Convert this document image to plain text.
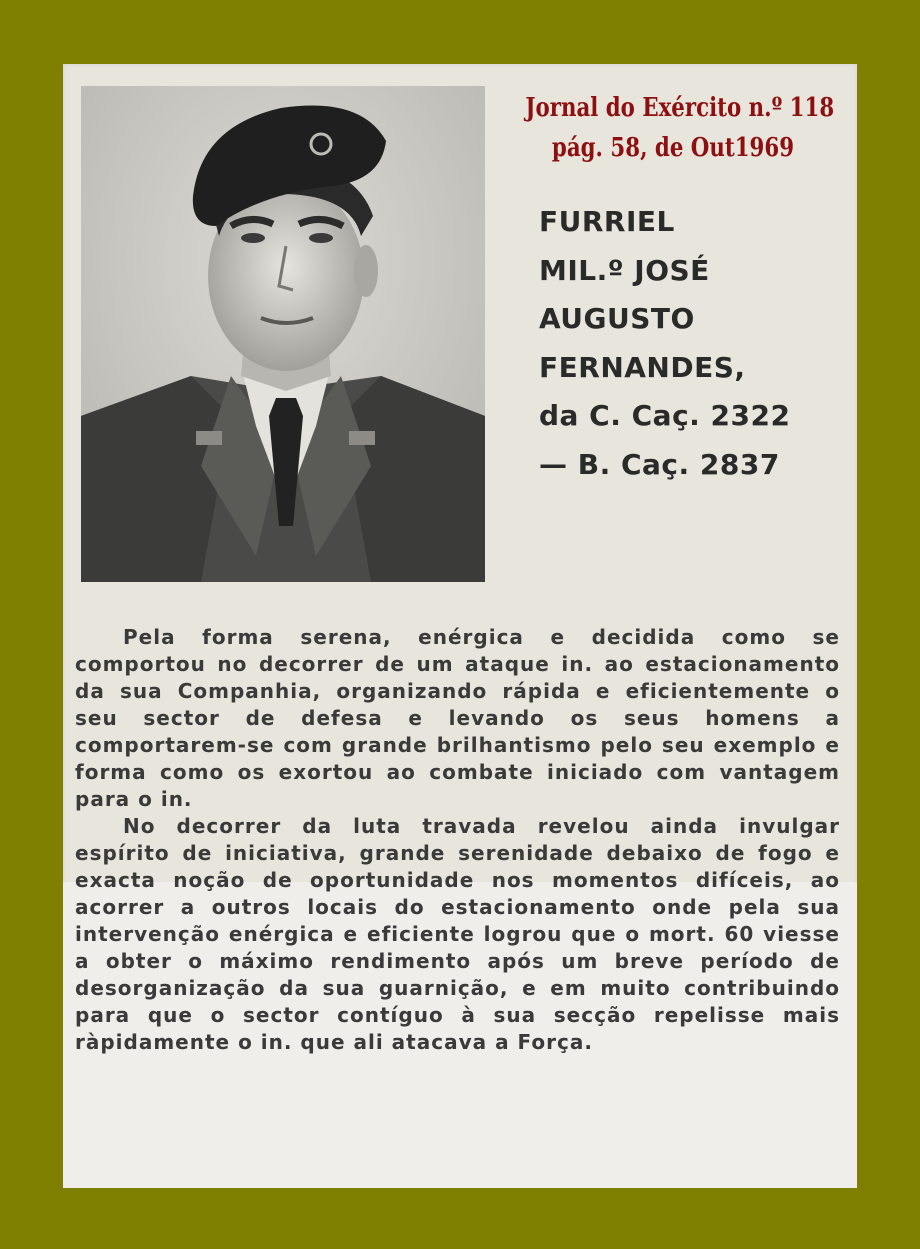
Jornal do Exército n.º 118
pág. 58, de Out1969
FURRIEL
MIL.º JOSÉ
AUGUSTO
FERNANDES,
da C. Caç. 2322
— B. Caç. 2837

Pela forma serena, enérgica e decidida como se comportou no decorrer de um ataque in. ao estacionamento da sua Companhia, organizando rápida e eficientemente o seu sector de defesa e levando os seus homens a comportarem-se com grande brilhantismo pelo seu exemplo e forma como os exortou ao combate iniciado com vantagem para o in.

No decorrer da luta travada revelou ainda invulgar espírito de iniciativa, grande serenidade debaixo de fogo e exacta noção de oportunidade nos momentos difíceis, ao acorrer a outros locais do estacionamento onde pela sua intervenção enérgica e eficiente logrou que o mort. 60 viesse a obter o máximo rendimento após um breve período de desorganização da sua guarnição, e em muito contribuindo para que o sector contíguo à sua secção repelisse mais ràpidamente o in. que ali atacava a Força.
